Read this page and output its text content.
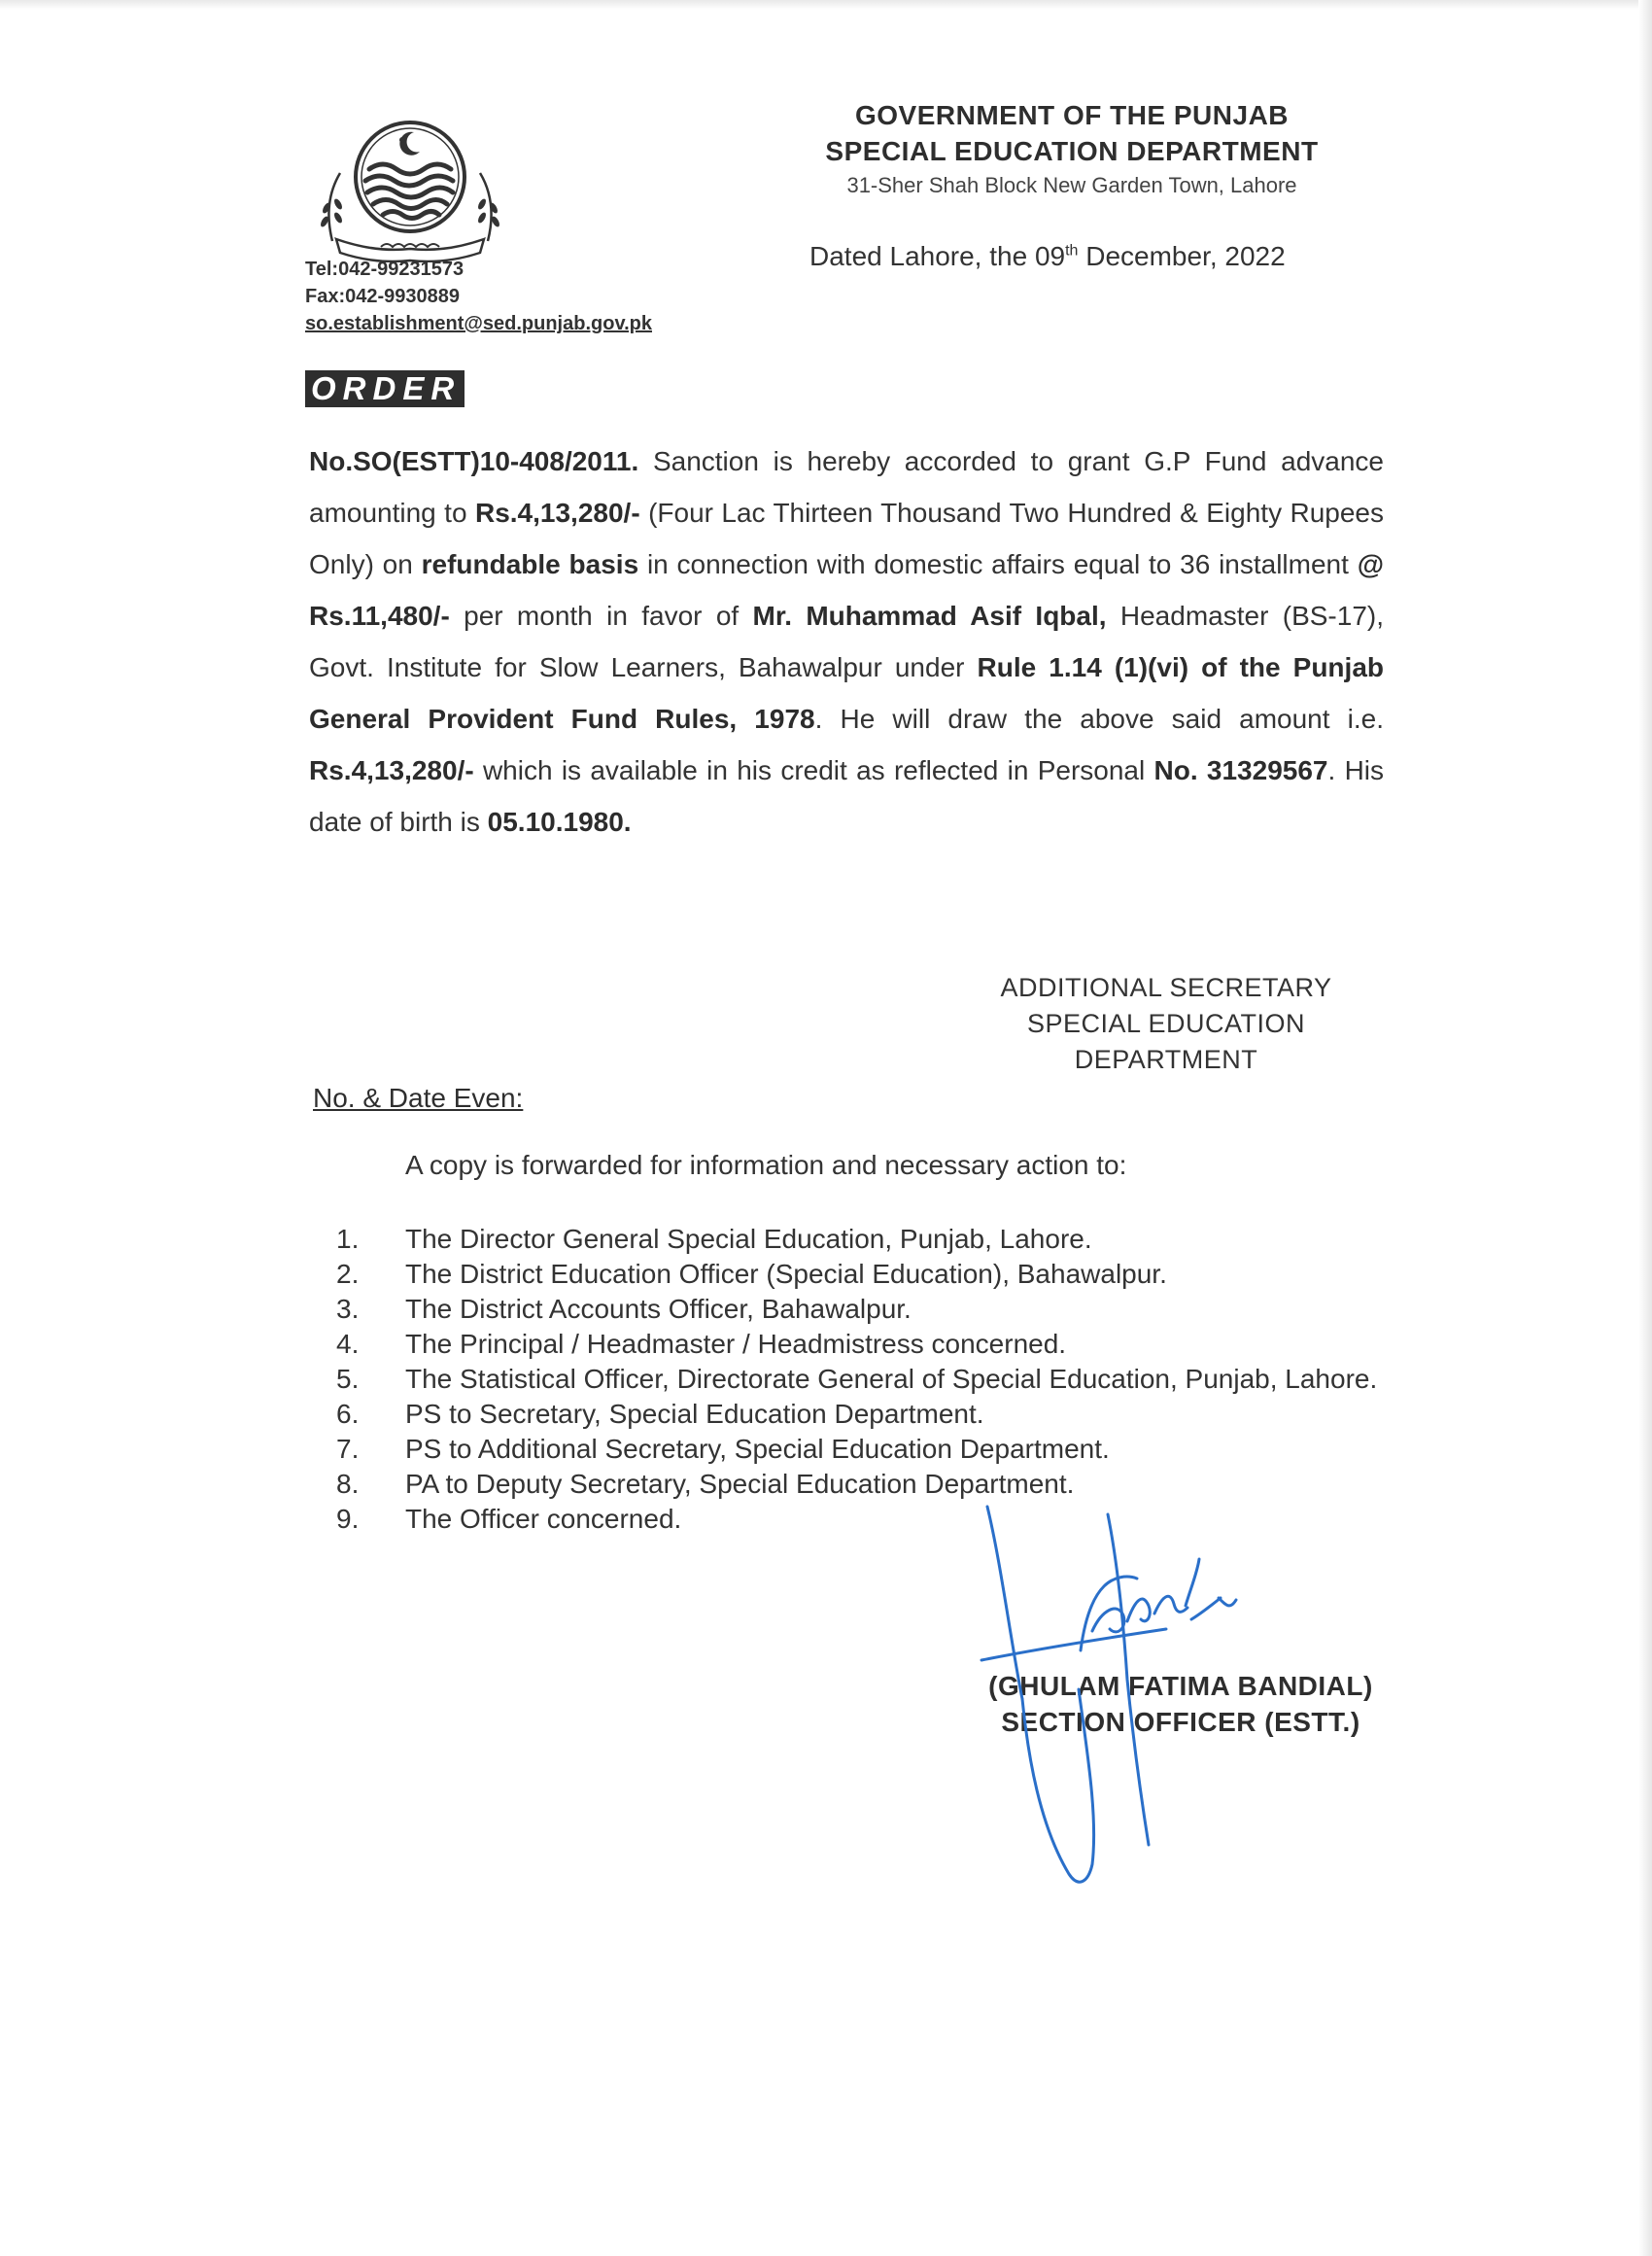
Tel:042-99231573
Fax:042-9930889
so.establishment@sed.punjab.gov.pk
GOVERNMENT OF THE PUNJAB
SPECIAL EDUCATION DEPARTMENT
31-Sher Shah Block New Garden Town, Lahore
Dated Lahore, the 09th December, 2022
ORDER
No.SO(ESTT)10-408/2011. Sanction is hereby accorded to grant G.P Fund advance amounting to Rs.4,13,280/- (Four Lac Thirteen Thousand Two Hundred & Eighty Rupees Only) on refundable basis in connection with domestic affairs equal to 36 installment @ Rs.11,480/- per month in favor of Mr. Muhammad Asif Iqbal, Headmaster (BS-17), Govt. Institute for Slow Learners, Bahawalpur under Rule 1.14 (1)(vi) of the Punjab General Provident Fund Rules, 1978. He will draw the above said amount i.e. Rs.4,13,280/- which is available in his credit as reflected in Personal No. 31329567. His date of birth is 05.10.1980.
ADDITIONAL SECRETARY
SPECIAL EDUCATION
DEPARTMENT
No. & Date Even:
A copy is forwarded for information and necessary action to:
1.	The Director General Special Education, Punjab, Lahore.
2.	The District Education Officer (Special Education), Bahawalpur.
3.	The District Accounts Officer, Bahawalpur.
4.	The Principal / Headmaster / Headmistress concerned.
5.	The Statistical Officer, Directorate General of Special Education, Punjab, Lahore.
6.	PS to Secretary, Special Education Department.
7.	PS to Additional Secretary, Special Education Department.
8.	PA to Deputy Secretary, Special Education Department.
9.	The Officer concerned.
(GHULAM FATIMA BANDIAL)
SECTION OFFICER (ESTT.)
